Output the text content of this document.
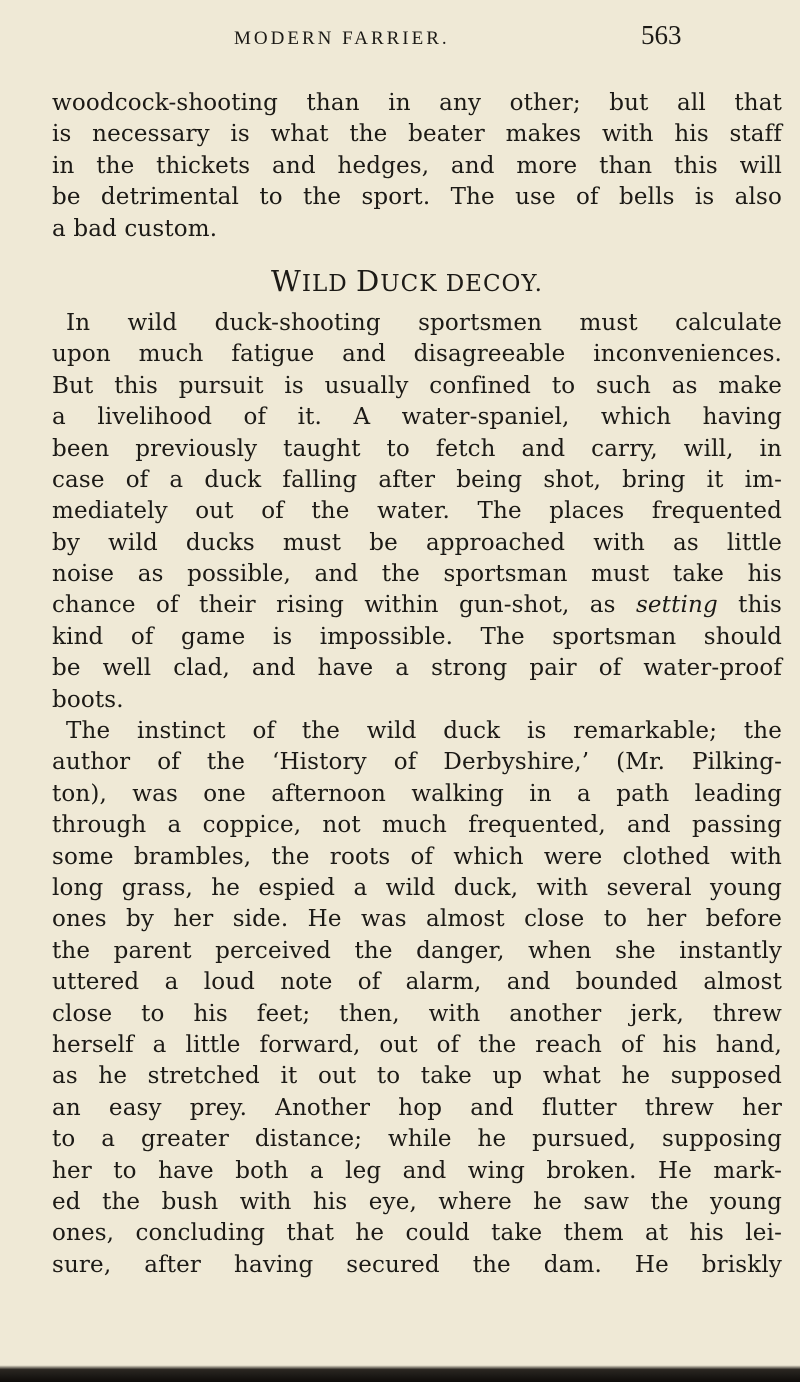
MODERN FARRIER.	563
woodcock-shooting than in any other; but all that
is necessary is what the beater makes with his staff
in the thickets and hedges, and more than this will
be detrimental to the sport. The use of bells is also
a bad custom.
WILD DUCK DECOY.
In wild duck-shooting sportsmen must calculate
upon much fatigue and disagreeable inconveniences.
But this pursuit is usually confined to such as make
a livelihood of it. A water-spaniel, which having
been previously taught to fetch and carry, will, in
case of a duck falling after being shot, bring it im-
mediately out of the water. The places frequented
by wild ducks must be approached with as little
noise as possible, and the sportsman must take his
chance of their rising within gun-shot, as setting this
kind of game is impossible. The sportsman should
be well clad, and have a strong pair of water-proof
boots.
The instinct of the wild duck is remarkable; the
author of the ‘History of Derbyshire,’ (Mr. Pilking-
ton), was one afternoon walking in a path leading
through a coppice, not much frequented, and passing
some brambles, the roots of which were clothed with
long grass, he espied a wild duck, with several young
ones by her side. He was almost close to her before
the parent perceived the danger, when she instantly
uttered a loud note of alarm, and bounded almost
close to his feet; then, with another jerk, threw
herself a little forward, out of the reach of his hand,
as he stretched it out to take up what he supposed
an easy prey. Another hop and flutter threw her
to a greater distance; while he pursued, supposing
her to have both a leg and wing broken. He mark-
ed the bush with his eye, where he saw the young
ones, concluding that he could take them at his lei-
sure, after having secured the dam. He briskly
